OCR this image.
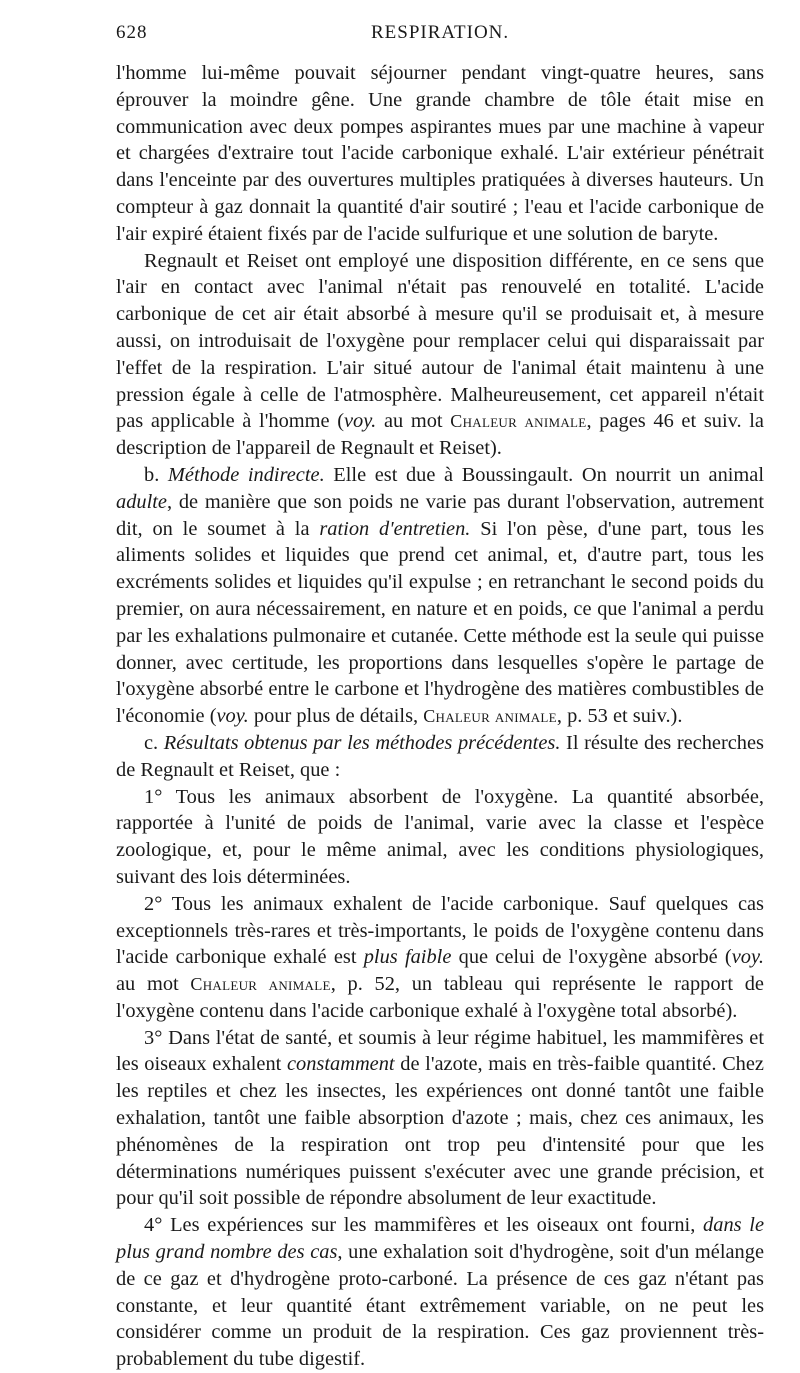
628	RESPIRATION.

l'homme lui-même pouvait séjourner pendant vingt-quatre heures, sans éprouver la moindre gêne. Une grande chambre de tôle était mise en communication avec deux pompes aspirantes mues par une machine à vapeur et chargées d'extraire tout l'acide carbonique exhalé. L'air extérieur pénétrait dans l'enceinte par des ouvertures multiples pratiquées à diverses hauteurs. Un compteur à gaz donnait la quantité d'air soutiré ; l'eau et l'acide carbonique de l'air expiré étaient fixés par de l'acide sulfurique et une solution de baryte.

Regnault et Reiset ont employé une disposition différente, en ce sens que l'air en contact avec l'animal n'était pas renouvelé en totalité. L'acide carbonique de cet air était absorbé à mesure qu'il se produisait et, à mesure aussi, on introduisait de l'oxygène pour remplacer celui qui disparaissait par l'effet de la respiration. L'air situé autour de l'animal était maintenu à une pression égale à celle de l'atmosphère. Malheureusement, cet appareil n'était pas applicable à l'homme (voy. au mot Chaleur animale, pages 46 et suiv. la description de l'appareil de Regnault et Reiset).

b. Méthode indirecte. Elle est due à Boussingault. On nourrit un animal adulte, de manière que son poids ne varie pas durant l'observation, autrement dit, on le soumet à la ration d'entretien. Si l'on pèse, d'une part, tous les aliments solides et liquides que prend cet animal, et, d'autre part, tous les excréments solides et liquides qu'il expulse ; en retranchant le second poids du premier, on aura nécessairement, en nature et en poids, ce que l'animal a perdu par les exhalations pulmonaire et cutanée. Cette méthode est la seule qui puisse donner, avec certitude, les proportions dans lesquelles s'opère le partage de l'oxygène absorbé entre le carbone et l'hydrogène des matières combustibles de l'économie (voy. pour plus de détails, Chaleur animale, p. 53 et suiv.).

c. Résultats obtenus par les méthodes précédentes. Il résulte des recherches de Regnault et Reiset, que :

1° Tous les animaux absorbent de l'oxygène. La quantité absorbée, rapportée à l'unité de poids de l'animal, varie avec la classe et l'espèce zoologique, et, pour le même animal, avec les conditions physiologiques, suivant des lois déterminées.

2° Tous les animaux exhalent de l'acide carbonique. Sauf quelques cas exceptionnels très-rares et très-importants, le poids de l'oxygène contenu dans l'acide carbonique exhalé est plus faible que celui de l'oxygène absorbé (voy. au mot Chaleur animale, p. 52, un tableau qui représente le rapport de l'oxygène contenu dans l'acide carbonique exhalé à l'oxygène total absorbé).

3° Dans l'état de santé, et soumis à leur régime habituel, les mammifères et les oiseaux exhalent constamment de l'azote, mais en très-faible quantité. Chez les reptiles et chez les insectes, les expériences ont donné tantôt une faible exhalation, tantôt une faible absorption d'azote ; mais, chez ces animaux, les phénomènes de la respiration ont trop peu d'intensité pour que les déterminations numériques puissent s'exécuter avec une grande précision, et pour qu'il soit possible de répondre absolument de leur exactitude.

4° Les expériences sur les mammifères et les oiseaux ont fourni, dans le plus grand nombre des cas, une exhalation soit d'hydrogène, soit d'un mélange de ce gaz et d'hydrogène proto-carboné. La présence de ces gaz n'étant pas constante, et leur quantité étant extrêmement variable, on ne peut les considérer comme un produit de la respiration. Ces gaz proviennent très-probablement du tube digestif.
